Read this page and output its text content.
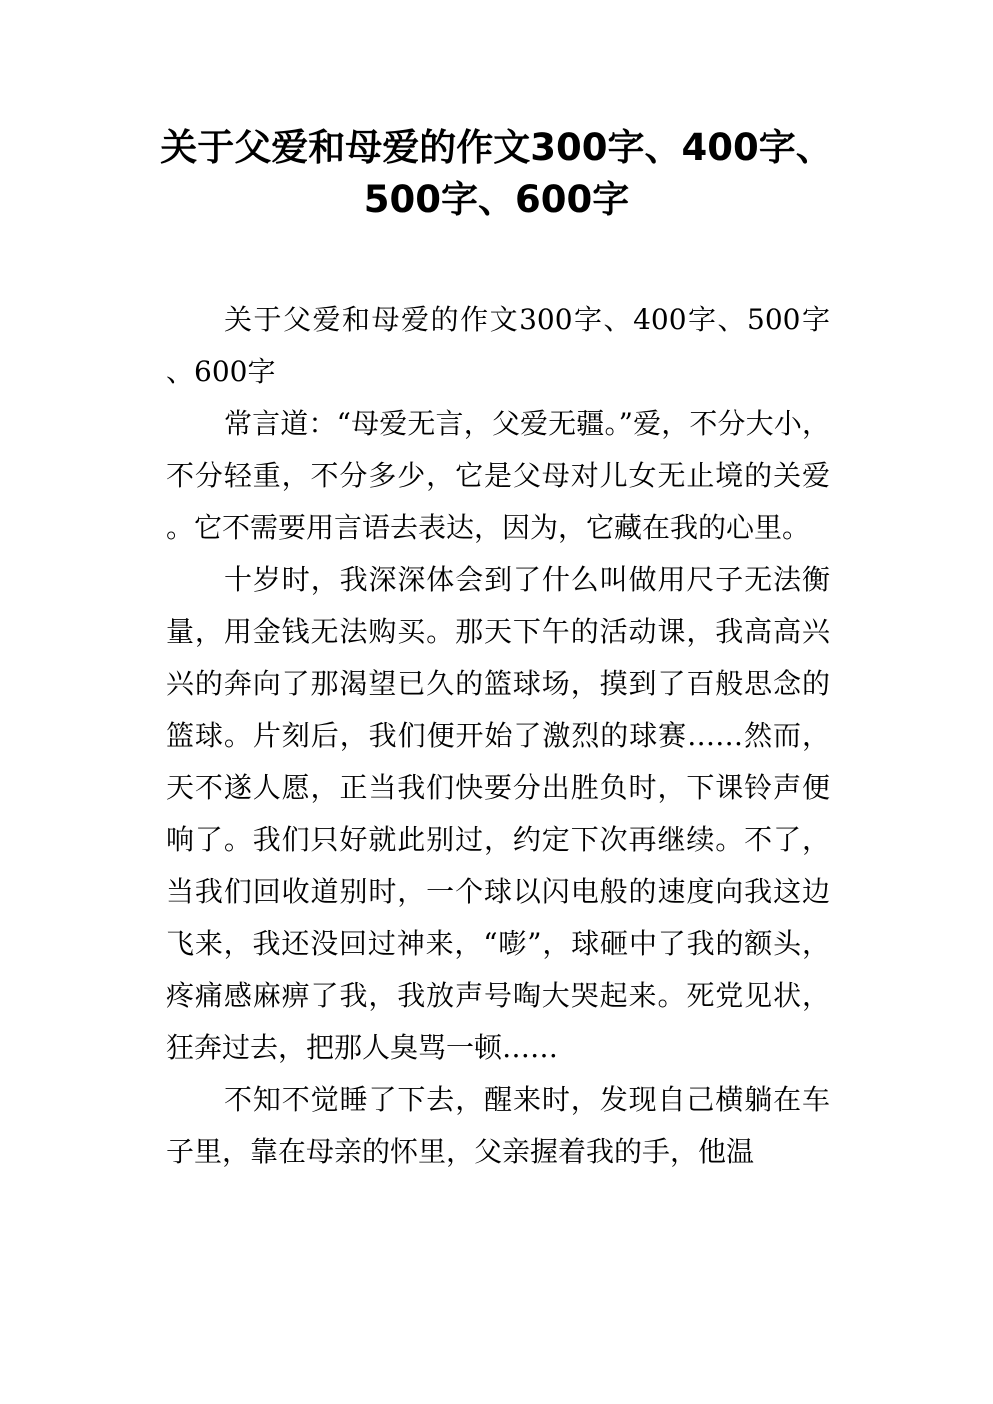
关于父爱和母爱的作文300字、400字、500字、600字

关于父爱和母爱的作文300字、400字、500字、600字

常言道：“母爱无言，父爱无疆。”爱，不分大小，不分轻重，不分多少，它是父母对儿女无止境的关爱。它不需要用言语去表达，因为，它藏在我的心里。

十岁时，我深深体会到了什么叫做用尺子无法衡量，用金钱无法购买。那天下午的活动课，我高高兴兴的奔向了那渴望已久的篮球场，摸到了百般思念的篮球。片刻后，我们便开始了激烈的球赛……然而，天不遂人愿，正当我们快要分出胜负时，下课铃声便响了。我们只好就此别过，约定下次再继续。不了，当我们回收道别时，一个球以闪电般的速度向我这边飞来，我还没回过神来，“嘭”，球砸中了我的额头，疼痛感麻痹了我，我放声号啕大哭起来。死党见状，狂奔过去，把那人臭骂一顿……

不知不觉睡了下去，醒来时，发现自己横躺在车子里，靠在母亲的怀里，父亲握着我的手，他温
